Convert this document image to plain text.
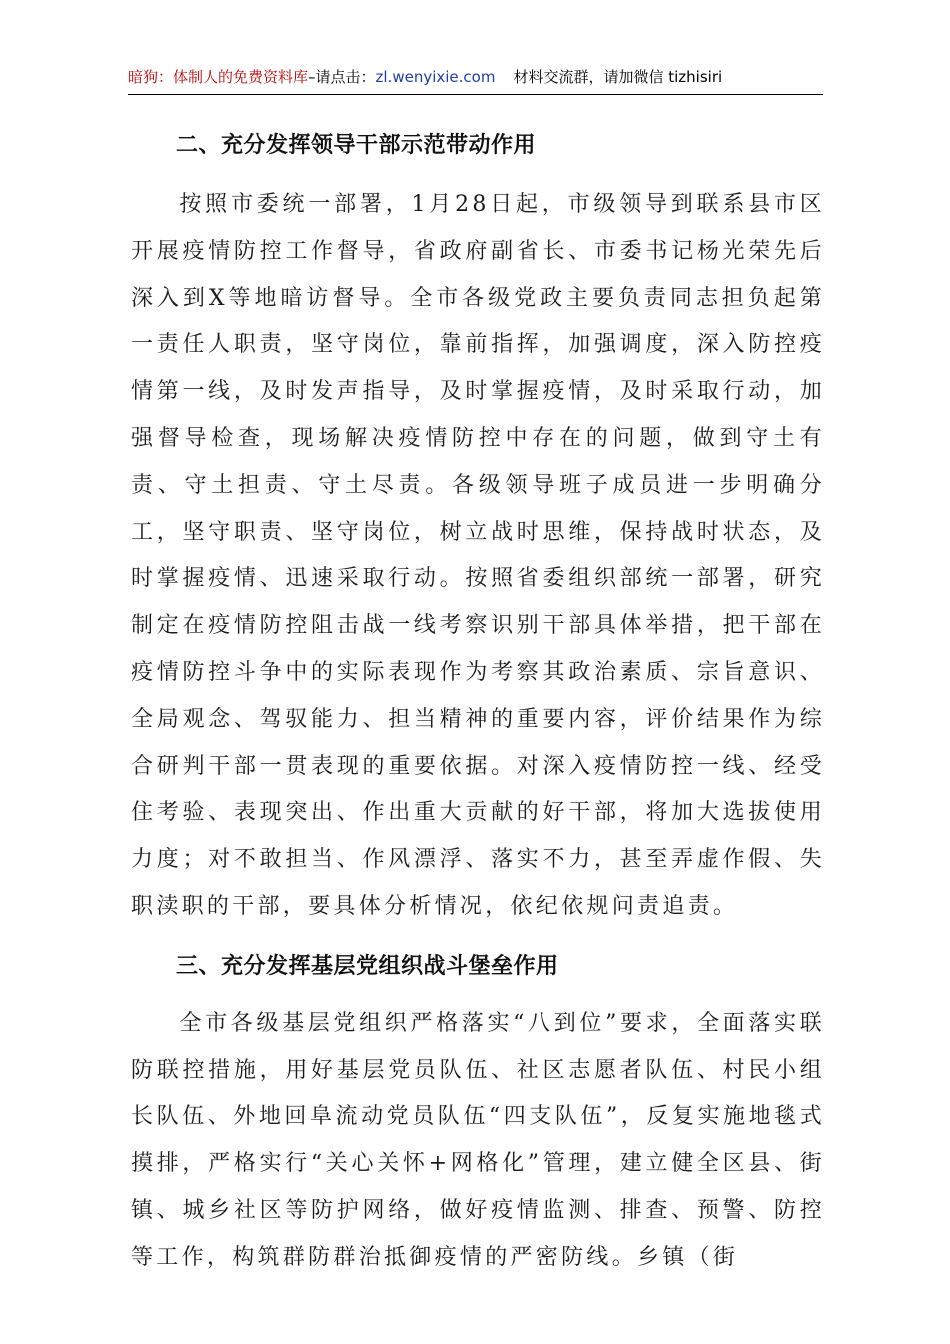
暗狗：体制人的免费资料库–请点击：zl.wenyixie.com 材料交流群，请加微信 tizhisiri
二、充分发挥领导干部示范带动作用

按照市委统一部署，1月28日起，市级领导到联系县市区开展疫情防控工作督导，省政府副省长、市委书记杨光荣先后深入到X等地暗访督导。全市各级党政主要负责同志担负起第一责任人职责，坚守岗位，靠前指挥，加强调度，深入防控疫情第一线，及时发声指导，及时掌握疫情，及时采取行动，加强督导检查，现场解决疫情防控中存在的问题，做到守土有责、守土担责、守土尽责。各级领导班子成员进一步明确分工，坚守职责、坚守岗位，树立战时思维，保持战时状态，及时掌握疫情、迅速采取行动。按照省委组织部统一部署，研究制定在疫情防控阻击战一线考察识别干部具体举措，把干部在疫情防控斗争中的实际表现作为考察其政治素质、宗旨意识、全局观念、驾驭能力、担当精神的重要内容，评价结果作为综合研判干部一贯表现的重要依据。对深入疫情防控一线、经受住考验、表现突出、作出重大贡献的好干部，将加大选拔使用力度；对不敢担当、作风漂浮、落实不力，甚至弄虚作假、失职渎职的干部，要具体分析情况，依纪依规问责追责。

三、充分发挥基层党组织战斗堡垒作用

全市各级基层党组织严格落实“八到位”要求，全面落实联防联控措施，用好基层党员队伍、社区志愿者队伍、村民小组长队伍、外地回阜流动党员队伍“四支队伍”，反复实施地毯式摸排，严格实行“关心关怀+网格化”管理，建立健全区县、街镇、城乡社区等防护网络，做好疫情监测、排查、预警、防控等工作，构筑群防群治抵御疫情的严密防线。乡镇（街
